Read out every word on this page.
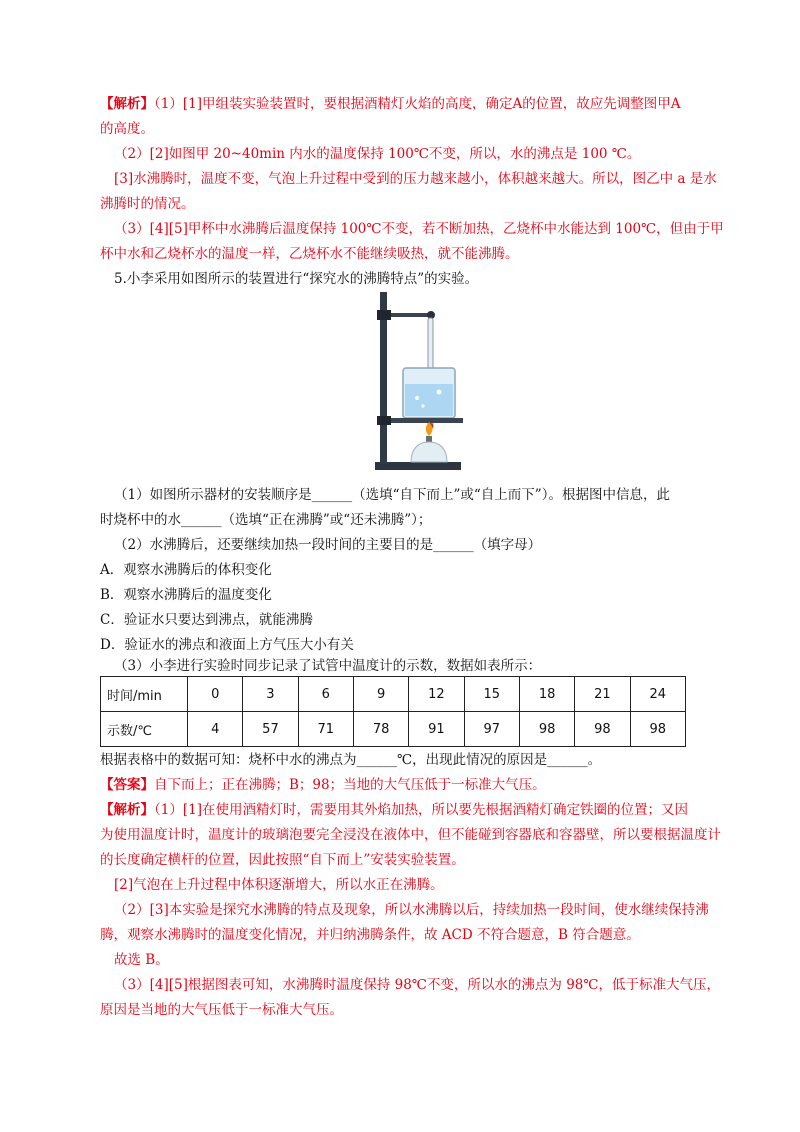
【解析】（1）[1]甲组装实验装置时，要根据酒精灯火焰的高度，确定A的位置，故应先调整图甲A
的高度。
（2）[2]如图甲 20~40min 内水的温度保持 100℃不变，所以，水的沸点是 100 ℃。
[3]水沸腾时，温度不变，气泡上升过程中受到的压力越来越小，体积越来越大。所以，图乙中 a 是水
沸腾时的情况。
（3）[4][5]甲杯中水沸腾后温度保持 100℃不变，若不断加热，乙烧杯中水能达到 100℃，但由于甲
杯中水和乙烧杯水的温度一样，乙烧杯水不能继续吸热，就不能沸腾。
5.小李采用如图所示的装置进行“探究水的沸腾特点”的实验。
（1）如图所示器材的安装顺序是______（选填“自下而上”或“自上而下”）。根据图中信息，此
时烧杯中的水______（选填“正在沸腾”或“还未沸腾”）；
（2）水沸腾后，还要继续加热一段时间的主要目的是______（填字母）
A．观察水沸腾后的体积变化
B．观察水沸腾后的温度变化
C．验证水只要达到沸点，就能沸腾
D．验证水的沸点和液面上方气压大小有关
（3）小李进行实验时同步记录了试管中温度计的示数，数据如表所示：
时间/min	0	3	6	9	12	15	18	21	24
示数/℃	4	57	71	78	91	97	98	98	98
根据表格中的数据可知：烧杯中水的沸点为______℃，出现此情况的原因是______。
【答案】自下而上；正在沸腾；B；98；当地的大气压低于一标准大气压。
【解析】（1）[1]在使用酒精灯时，需要用其外焰加热，所以要先根据酒精灯确定铁圈的位置；又因
为使用温度计时，温度计的玻璃泡要完全浸没在液体中，但不能碰到容器底和容器壁，所以要根据温度计
的长度确定横杆的位置，因此按照“自下而上”安装实验装置。
[2]气泡在上升过程中体积逐渐增大，所以水正在沸腾。
（2）[3]本实验是探究水沸腾的特点及现象，所以水沸腾以后，持续加热一段时间，使水继续保持沸
腾，观察水沸腾时的温度变化情况，并归纳沸腾条件，故 ACD 不符合题意，B 符合题意。
故选 B。
（3）[4][5]根据图表可知，水沸腾时温度保持 98℃不变，所以水的沸点为 98℃，低于标准大气压，
原因是当地的大气压低于一标准大气压。
